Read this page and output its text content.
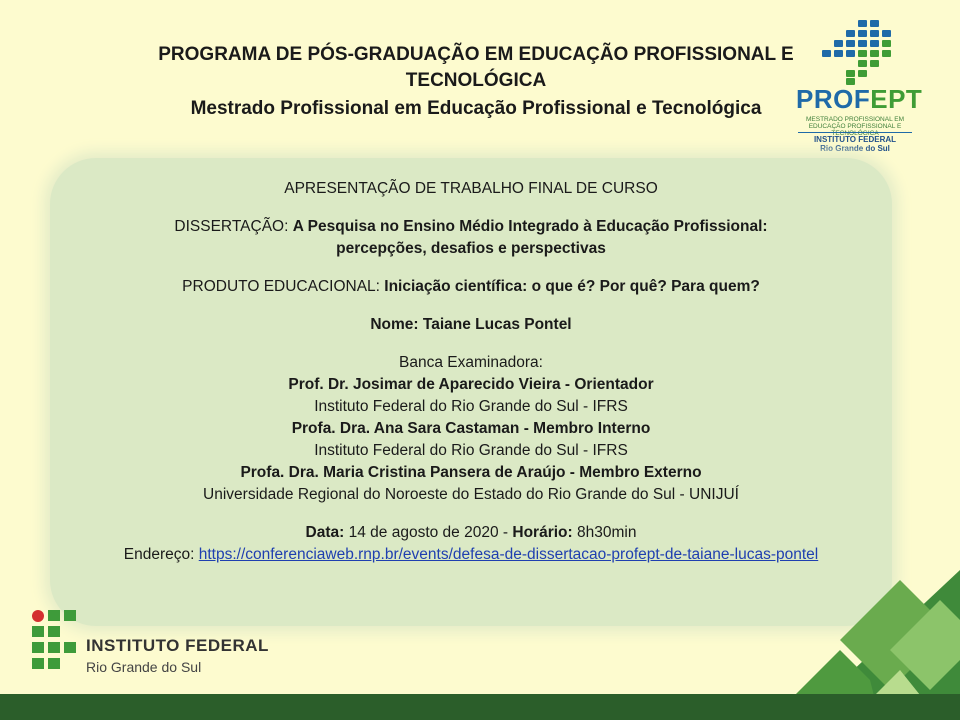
PROGRAMA DE PÓS-GRADUAÇÃO EM EDUCAÇÃO PROFISSIONAL E TECNOLÓGICA
Mestrado Profissional em Educação Profissional e Tecnológica	PROFEPT
MESTRADO PROFISSIONAL EM EDUCAÇÃO PROFISSIONAL E TECNOLÓGICA
INSTITUTO FEDERAL
Rio Grande do Sul

APRESENTAÇÃO DE TRABALHO FINAL DE CURSO

DISSERTAÇÃO: A Pesquisa no Ensino Médio Integrado à Educação Profissional:

percepções, desafios e perspectivas

PRODUTO EDUCACIONAL: Iniciação científica: o que é? Por quê? Para quem?

Nome: Taiane Lucas Pontel

Banca Examinadora:

Prof. Dr. Josimar de Aparecido Vieira - Orientador

Instituto Federal do Rio Grande do Sul - IFRS

Profa. Dra. Ana Sara Castaman - Membro Interno

Instituto Federal do Rio Grande do Sul - IFRS

Profa. Dra. Maria Cristina Pansera de Araújo - Membro Externo

Universidade Regional do Noroeste do Estado do Rio Grande do Sul - UNIJUÍ

Data: 14 de agosto de 2020 - Horário: 8h30min

Endereço: https://conferenciaweb.rnp.br/events/defesa-de-dissertacao-profept-de-taiane-lucas-pontel

INSTITUTO FEDERAL
Rio Grande do Sul
